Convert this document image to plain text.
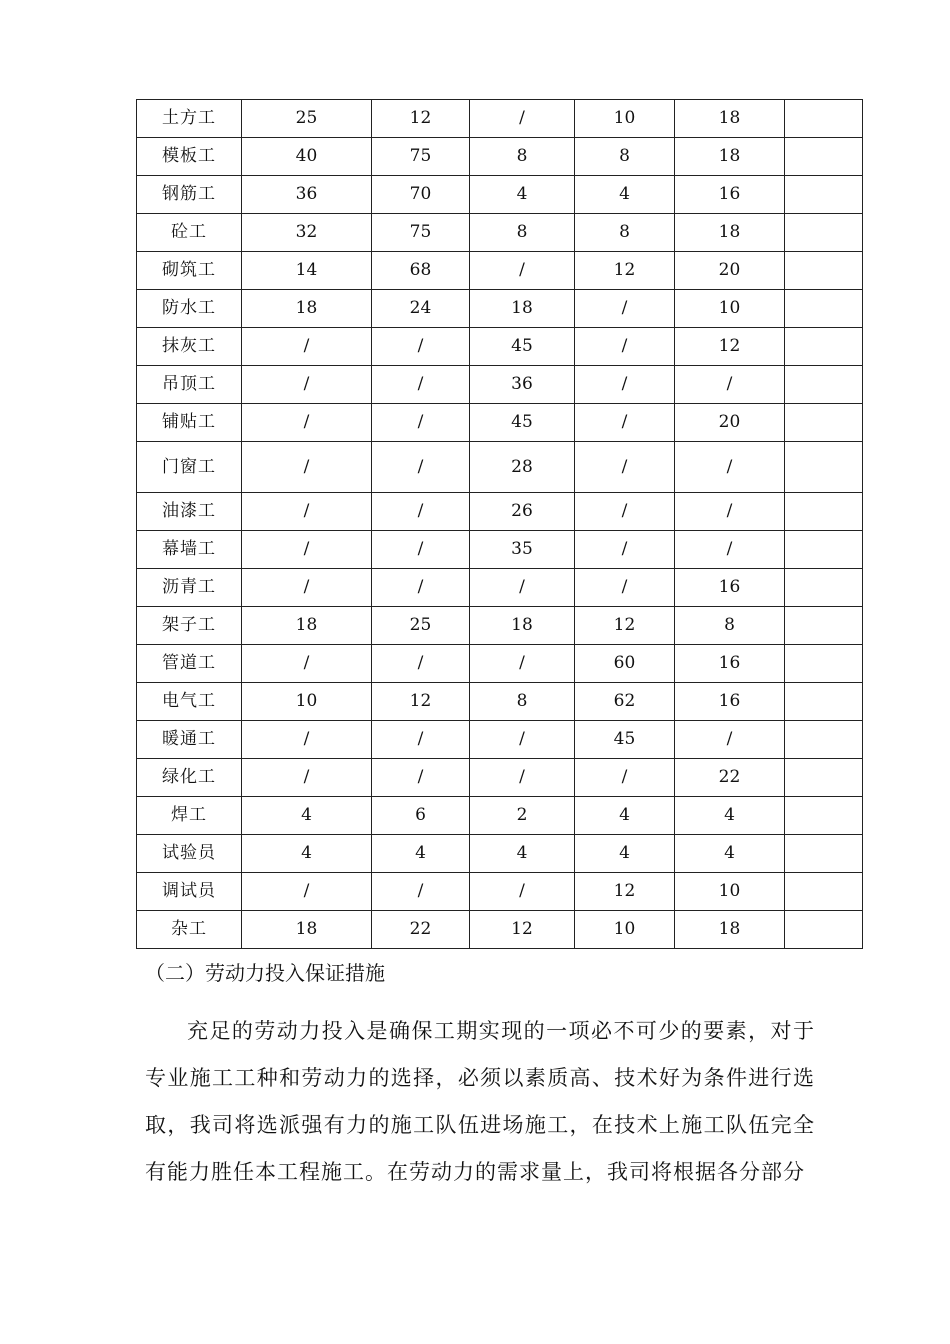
土方工	25	12	/	10	18	
模板工	40	75	8	8	18	
钢筋工	36	70	4	4	16	
砼工	32	75	8	8	18	
砌筑工	14	68	/	12	20	
防水工	18	24	18	/	10	
抹灰工	/	/	45	/	12	
吊顶工	/	/	36	/	/	
铺贴工	/	/	45	/	20	
门窗工	/	/	28	/	/	
油漆工	/	/	26	/	/	
幕墙工	/	/	35	/	/	
沥青工	/	/	/	/	16	
架子工	18	25	18	12	8	
管道工	/	/	/	60	16	
电气工	10	12	8	62	16	
暖通工	/	/	/	45	/	
绿化工	/	/	/	/	22	
焊工	4	6	2	4	4	
试验员	4	4	4	4	4	
调试员	/	/	/	12	10	
杂工	18	22	12	10	18	
（二）劳动力投入保证措施

充足的劳动力投入是确保工期实现的一项必不可少的要素，对于专业施工工种和劳动力的选择，必须以素质高、技术好为条件进行选取，我司将选派强有力的施工队伍进场施工，在技术上施工队伍完全有能力胜任本工程施工。在劳动力的需求量上，我司将根据各分部分
